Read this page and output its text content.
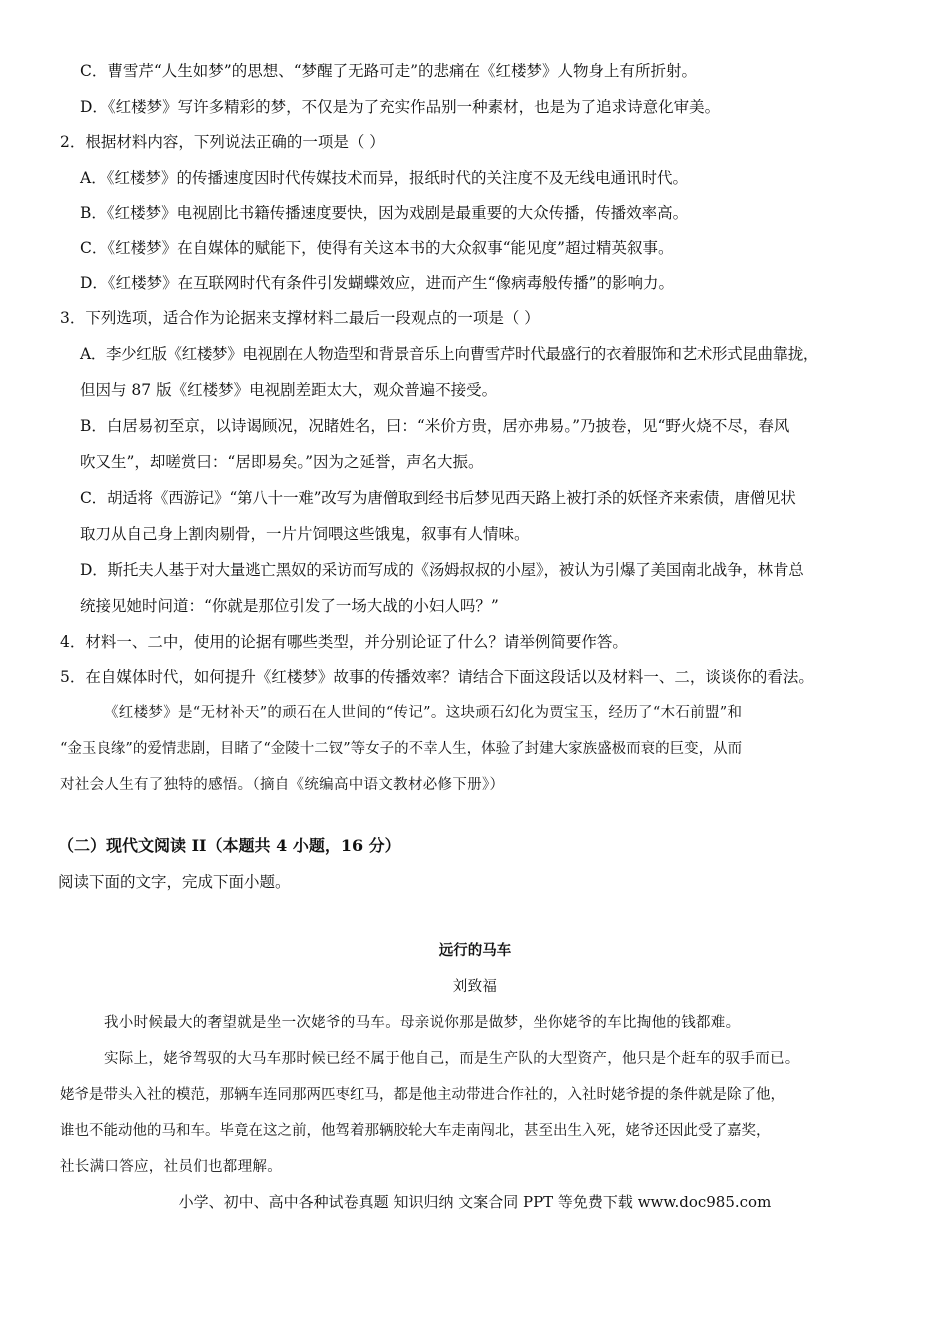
C．曹雪芹“人生如梦”的思想、“梦醒了无路可走”的悲痛在《红楼梦》人物身上有所折射。
D．《红楼梦》写许多精彩的梦，不仅是为了充实作品别一种素材，也是为了追求诗意化审美。
2．根据材料内容，下列说法正确的一项是（ ）
A．《红楼梦》的传播速度因时代传媒技术而异，报纸时代的关注度不及无线电通讯时代。
B．《红楼梦》电视剧比书籍传播速度要快，因为戏剧是最重要的大众传播，传播效率高。
C．《红楼梦》在自媒体的赋能下，使得有关这本书的大众叙事“能见度”超过精英叙事。
D．《红楼梦》在互联网时代有条件引发蝴蝶效应，进而产生“像病毒般传播”的影响力。
3．下列选项，适合作为论据来支撑材料二最后一段观点的一项是（ ）
A．李少红版《红楼梦》电视剧在人物造型和背景音乐上向曹雪芹时代最盛行的衣着服饰和艺术形式昆曲靠拢，
但因与 87 版《红楼梦》电视剧差距太大，观众普遍不接受。
B．白居易初至京，以诗谒顾况，况睹姓名，曰：“米价方贵，居亦弗易。”乃披卷，见“野火烧不尽，春风
吹又生”，却嗟赏曰：“居即易矣。”因为之延誉，声名大振。
C．胡适将《西游记》“第八十一难”改写为唐僧取到经书后梦见西天路上被打杀的妖怪齐来索债，唐僧见状
取刀从自己身上割肉剔骨，一片片饲喂这些饿鬼，叙事有人情味。
D．斯托夫人基于对大量逃亡黑奴的采访而写成的《汤姆叔叔的小屋》，被认为引爆了美国南北战争，林肯总
统接见她时问道：“你就是那位引发了一场大战的小妇人吗？”
4．材料一、二中，使用的论据有哪些类型，并分别论证了什么？请举例简要作答。
5．在自媒体时代，如何提升《红楼梦》故事的传播效率？请结合下面这段话以及材料一、二，谈谈你的看法。
《红楼梦》是“无材补天”的顽石在人世间的“传记”。这块顽石幻化为贾宝玉，经历了“木石前盟”和
“金玉良缘”的爱情悲剧，目睹了“金陵十二钗”等女子的不幸人生，体验了封建大家族盛极而衰的巨变，从而
对社会人生有了独特的感悟。（摘自《统编高中语文教材必修下册》）
（二）现代文阅读 II（本题共 4 小题，16 分）
阅读下面的文字，完成下面小题。
远行的马车
刘致福
我小时候最大的奢望就是坐一次姥爷的马车。母亲说你那是做梦，坐你姥爷的车比掏他的钱都难。
实际上，姥爷驾驭的大马车那时候已经不属于他自己，而是生产队的大型资产，他只是个赶车的驭手而已。
姥爷是带头入社的模范，那辆车连同那两匹枣红马，都是他主动带进合作社的，入社时姥爷提的条件就是除了他，
谁也不能动他的马和车。毕竟在这之前，他驾着那辆胶轮大车走南闯北，甚至出生入死，姥爷还因此受了嘉奖，
社长满口答应，社员们也都理解。
小学、初中、高中各种试卷真题 知识归纳 文案合同 PPT 等免费下载 www.doc985.com
